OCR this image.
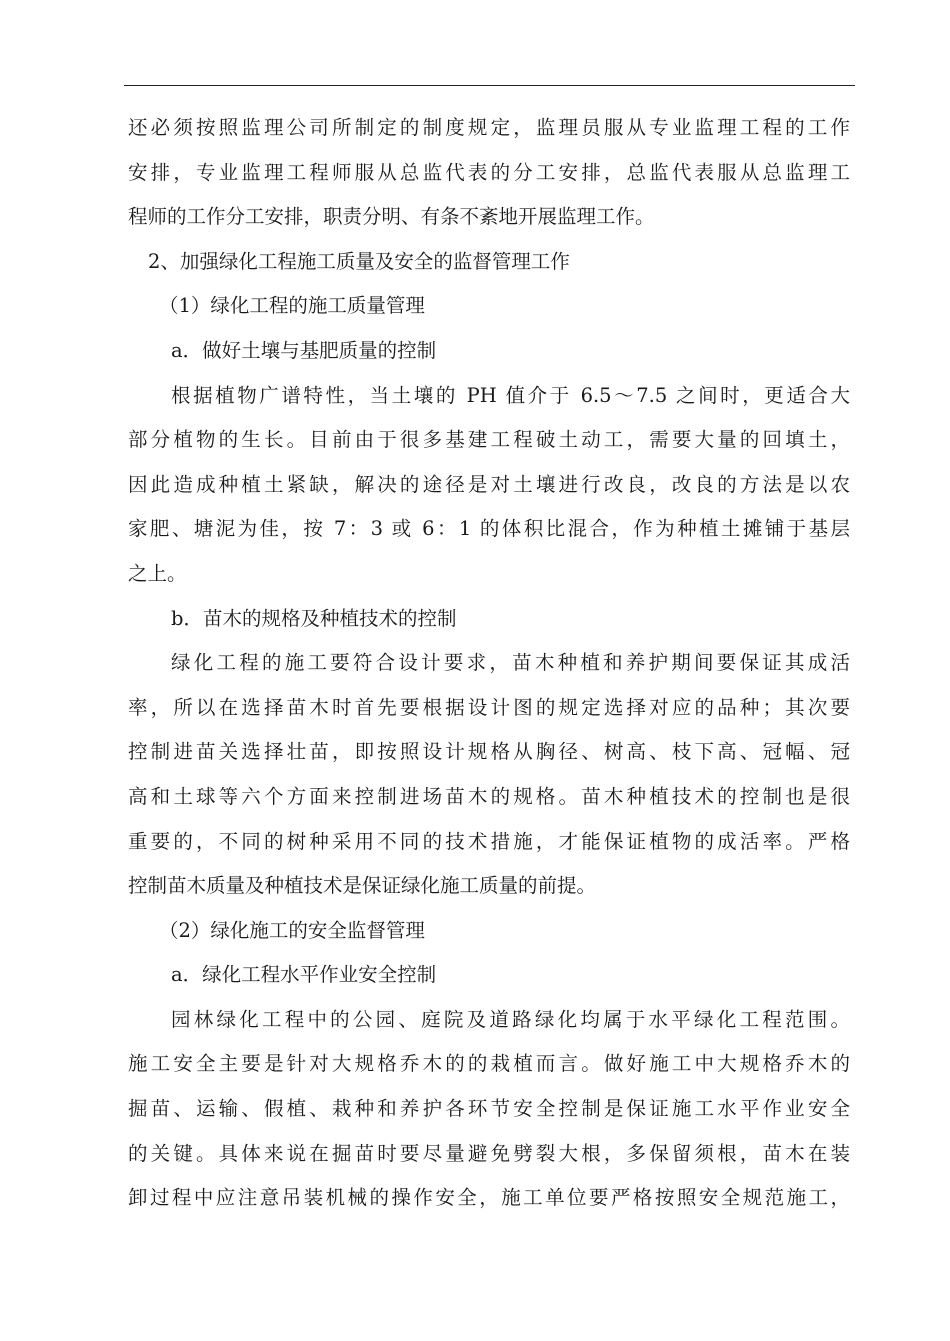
还必须按照监理公司所制定的制度规定，监理员服从专业监理工程的工作
安排，专业监理工程师服从总监代表的分工安排，总监代表服从总监理工
程师的工作分工安排，职责分明、有条不紊地开展监理工作。
2、加强绿化工程施工质量及安全的监督管理工作
（1）绿化工程的施工质量管理
a．做好土壤与基肥质量的控制
根据植物广谱特性，当土壤的 PH 值介于 6.5～7.5 之间时，更适合大
部分植物的生长。目前由于很多基建工程破土动工，需要大量的回填土，
因此造成种植土紧缺，解决的途径是对土壤进行改良，改良的方法是以农
家肥、塘泥为佳，按 7：3 或 6：1 的体积比混合，作为种植土摊铺于基层
之上。
b．苗木的规格及种植技术的控制
绿化工程的施工要符合设计要求，苗木种植和养护期间要保证其成活
率，所以在选择苗木时首先要根据设计图的规定选择对应的品种；其次要
控制进苗关选择壮苗，即按照设计规格从胸径、树高、枝下高、冠幅、冠
高和土球等六个方面来控制进场苗木的规格。苗木种植技术的控制也是很
重要的，不同的树种采用不同的技术措施，才能保证植物的成活率。严格
控制苗木质量及种植技术是保证绿化施工质量的前提。
（2）绿化施工的安全监督管理
a．绿化工程水平作业安全控制
园林绿化工程中的公园、庭院及道路绿化均属于水平绿化工程范围。
施工安全主要是针对大规格乔木的的栽植而言。做好施工中大规格乔木的
掘苗、运输、假植、栽种和养护各环节安全控制是保证施工水平作业安全
的关键。具体来说在掘苗时要尽量避免劈裂大根，多保留须根，苗木在装
卸过程中应注意吊装机械的操作安全，施工单位要严格按照安全规范施工，
